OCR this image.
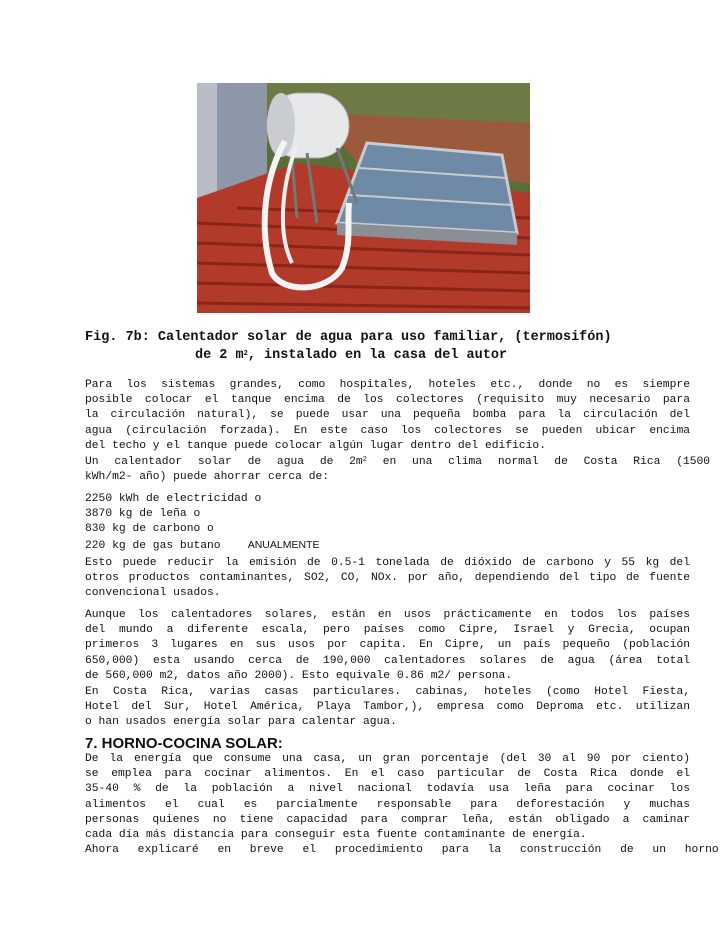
Fig. 7b: Calentador solar de agua para uso familiar, (termosifón)
de 2 $m^2$, instalado en la casa del autor
Para los sistemas grandes, como hospitales, hoteles etc., donde no es siempre
posible colocar el tanque encima de los colectores (requisito muy necesario para
la circulación natural), se puede usar una pequeña bomba para la circulación del
agua (circulación forzada). En este caso los colectores se pueden ubicar encima
del techo y el tanque puede colocar algún lugar dentro del edificio.
Un calentador solar de agua de $2m^2$ en una clima normal de Costa Rica (1500
kWh/m2- año) puede ahorrar cerca de:
2250 kWh de electricidad o
3870 kg de leña o
830 kg de carbono o
220 kg de gas butano	ANUALMENTE
Esto puede reducir la emisión de 0.5-1 tonelada de dióxido de carbono y 55 kg del
otros productos contaminantes, SO2, CO, NOx. por año, dependiendo del tipo de fuente
convencional usados.
Aunque los calentadores solares, están en usos prácticamente en todos los países
del mundo a diferente escala, pero países como Cipre, Israel y Grecia, ocupan
primeros 3 lugares en sus usos por capita. En Cipre, un país pequeño (población
650,000) esta usando cerca de 190,000 calentadores solares de agua (área total
de 560,000 m2, datos año 2000). Esto equivale 0.86 m2/ persona.
En Costa Rica, varias casas particulares. cabinas, hoteles (como Hotel Fiesta,
Hotel del Sur, Hotel América, Playa Tambor,), empresa como Deproma etc. utilizan
o han usados energía solar para calentar agua.
7. HORNO-COCINA SOLAR:
De la energía que consume una casa, un gran porcentaje (del 30 al 90 por ciento)
se emplea para cocinar alimentos. En el caso particular de Costa Rica donde el
35-40 % de la población a nivel nacional todavía usa leña para cocinar los
alimentos el cual es parcialmente responsable para deforestación y muchas
personas quienes no tiene capacidad para comprar leña, están obligado a caminar
cada día más distancia para conseguir esta fuente contaminante de energía.
Ahora explicaré en breve el procedimiento para la construcción de un horno
